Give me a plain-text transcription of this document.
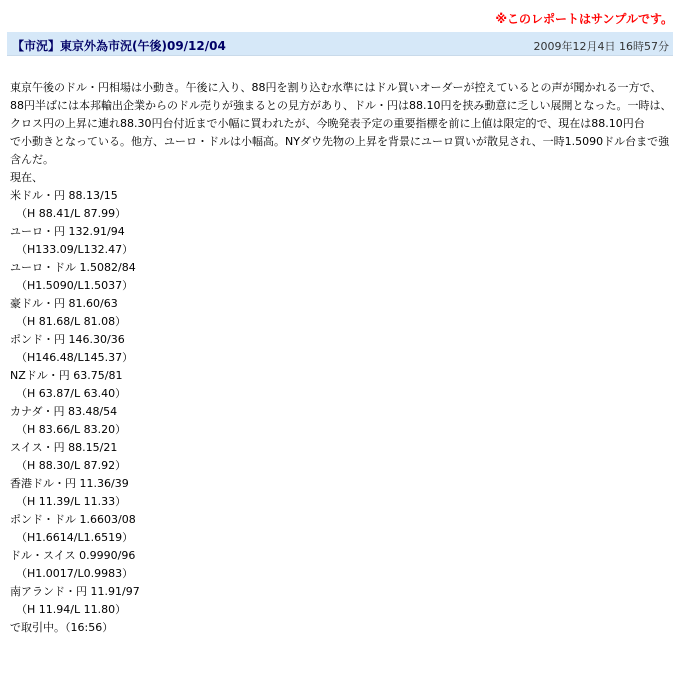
※このレポートはサンプルです。
【市況】東京外為市況(午後)09/12/04	2009年12月4日 16時57分
東京午後のドル・円相場は小動き。午後に入り、88円を割り込む水準にはドル買いオーダーが控えているとの声が聞かれる一方で、
88円半ばには本邦輸出企業からのドル売りが強まるとの見方があり、ドル・円は88.10円を挟み動意に乏しい展開となった。一時は、
クロス円の上昇に連れ88.30円台付近まで小幅に買われたが、今晩発表予定の重要指標を前に上値は限定的で、現在は88.10円台
で小動きとなっている。他方、ユーロ・ドルは小幅高。NYダウ先物の上昇を背景にユーロ買いが散見され、一時1.5090ドル台まで強
含んだ。
現在、
米ドル・円 88.13/15
（H 88.41/L 87.99）
ユーロ・円 132.91/94
（H133.09/L132.47）
ユーロ・ドル 1.5082/84
（H1.5090/L1.5037）
豪ドル・円 81.60/63
（H 81.68/L 81.08）
ポンド・円 146.30/36
（H146.48/L145.37）
NZドル・円 63.75/81
（H 63.87/L 63.40）
カナダ・円 83.48/54
（H 83.66/L 83.20）
スイス・円 88.15/21
（H 88.30/L 87.92）
香港ドル・円 11.36/39
（H 11.39/L 11.33）
ポンド・ドル 1.6603/08
（H1.6614/L1.6519）
ドル・スイス 0.9990/96
（H1.0017/L0.9983）
南アランド・円 11.91/97
（H 11.94/L 11.80）
で取引中。（16:56）
